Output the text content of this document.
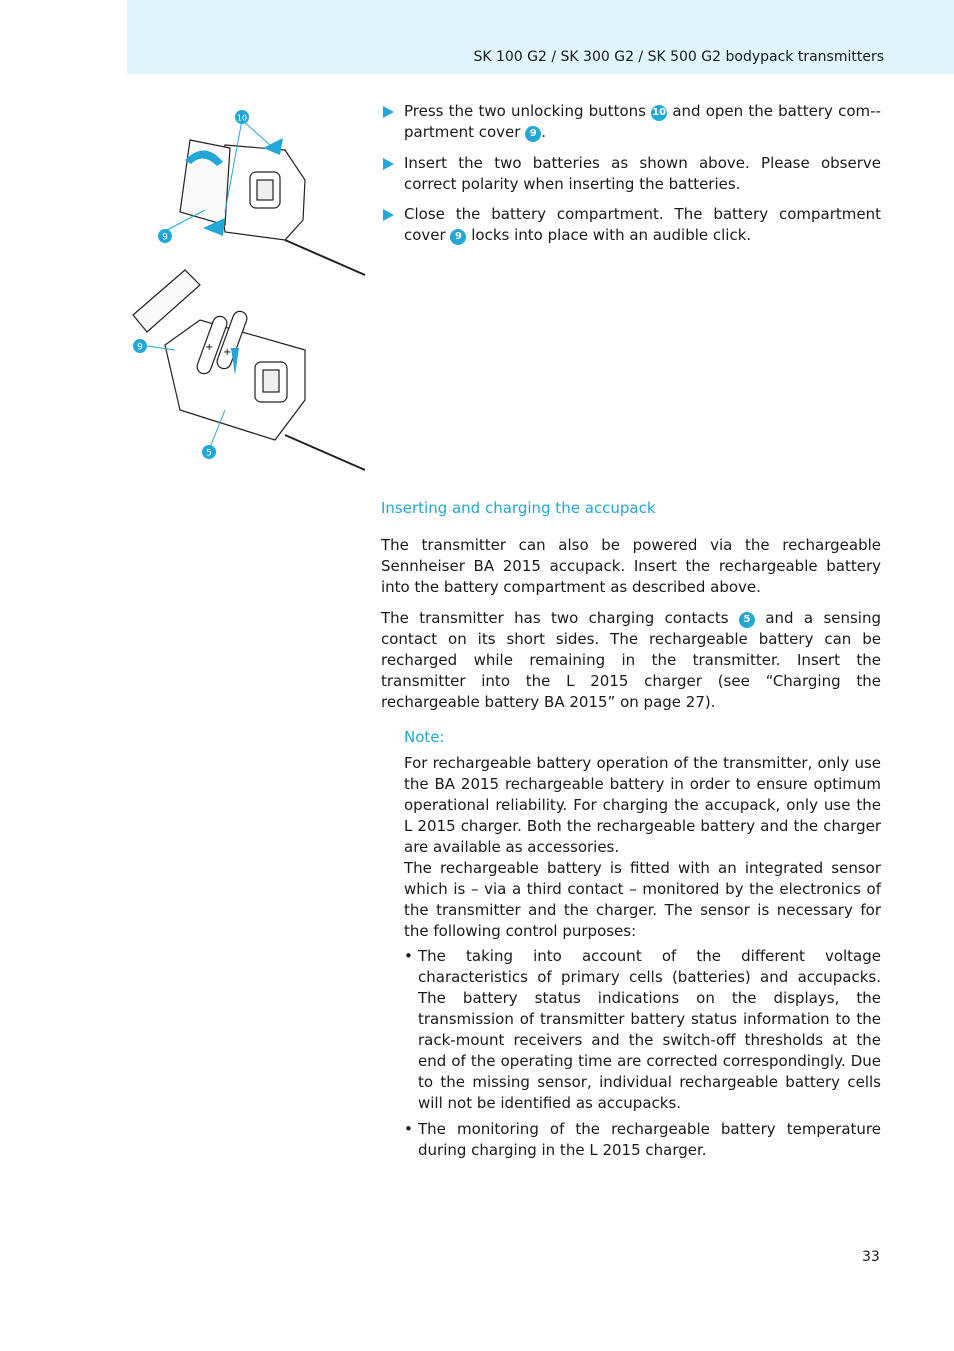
SK 100 G2 / SK 300 G2 / SK 500 G2 bodypack transmitters
+ +
10
9
9
5
Press the two unlocking buttons 10 and open the battery com-partment cover 9 .
Insert the two batteries as shown above. Please observe correct polarity when inserting the batteries.
Close the battery compartment. The battery compartment cover 9 locks into place with an audible click.
Inserting and charging the accupack
The transmitter can also be powered via the rechargeable Sennheiser BA 2015 accupack. Insert the rechargeable battery into the battery compartment as described above.
The transmitter has two charging contacts 5 and a sensing contact on its short sides. The rechargeable battery can be recharged while remaining in the transmitter. Insert the transmitter into the L 2015 charger (see “Charging the rechargeable battery BA 2015” on page 27).
Note:
For rechargeable battery operation of the transmitter, only use the BA 2015 rechargeable battery in order to ensure optimum operational reliability. For charging the accupack, only use the L 2015 charger. Both the rechargeable battery and the charger are available as accessories.
The rechargeable battery is fitted with an integrated sensor which is – via a third contact – monitored by the electronics of the transmitter and the charger. The sensor is necessary for the following control purposes:
• The taking into account of the different voltage characteristics of primary cells (batteries) and accupacks. The battery status indications on the displays, the transmission of transmitter battery status information to the rack-mount receivers and the switch-off thresholds at the end of the operating time are corrected correspondingly. Due to the missing sensor, individual rechargeable battery cells will not be identified as accupacks.
• The monitoring of the rechargeable battery temperature during charging in the L 2015 charger.
33
